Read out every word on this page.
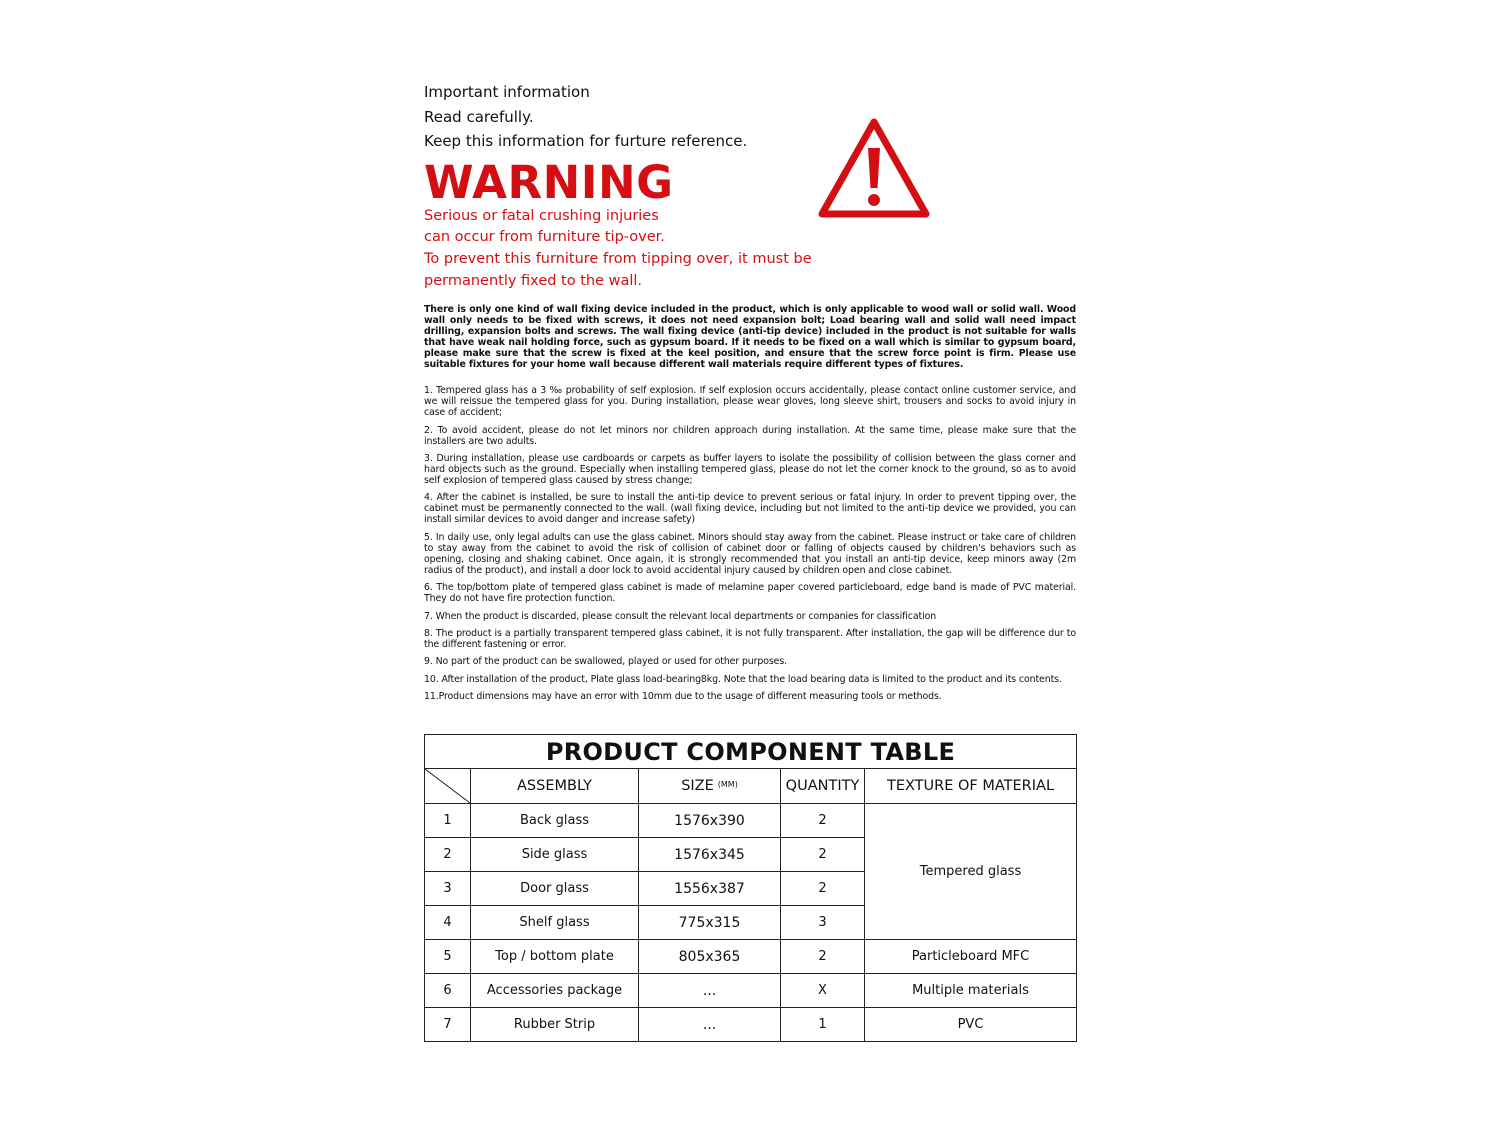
Important information
Read carefully.
Keep this information for furture reference.
WARNING
Serious or fatal crushing injuries
can occur from furniture tip-over.
To prevent this furniture from tipping over, it must be
permanently fixed to the wall.
There is only one kind of wall fixing device included in the product, which is only applicable to wood wall or solid wall. Wood wall only needs to be fixed with screws, it does not need expansion bolt; Load bearing wall and solid wall need impact drilling, expansion bolts and screws. The wall fixing device (anti-tip device) included in the product is not suitable for walls that have weak nail holding force, such as gypsum board. If it needs to be fixed on a wall which is similar to gypsum board, please make sure that the screw is fixed at the keel position, and ensure that the screw force point is firm. Please use suitable fixtures for your home wall because different wall materials require different types of fixtures.
1. Tempered glass has a 3 ‰ probability of self explosion. If self explosion occurs accidentally, please contact online customer service, and we will reissue the tempered glass for you. During installation, please wear gloves, long sleeve shirt, trousers and socks to avoid injury in case of accident;
2. To avoid accident, please do not let minors nor children approach during installation. At the same time, please make sure that the installers are two adults.
3. During installation, please use cardboards or carpets as buffer layers to isolate the possibility of collision between the glass corner and hard objects such as the ground. Especially when installing tempered glass, please do not let the corner knock to the ground, so as to avoid self explosion of tempered glass caused by stress change;
4. After the cabinet is installed, be sure to install the anti-tip device to prevent serious or fatal injury. In order to prevent tipping over, the cabinet must be permanently connected to the wall. (wall fixing device, including but not limited to the anti-tip device we provided, you can install similar devices to avoid danger and increase safety)
5. In daily use, only legal adults can use the glass cabinet. Minors should stay away from the cabinet. Please instruct or take care of children to stay away from the cabinet to avoid the risk of collision of cabinet door or falling of objects caused by children's behaviors such as opening, closing and shaking cabinet. Once again, it is strongly recommended that you install an anti-tip device, keep minors away (2m radius of the product), and install a door lock to avoid accidental injury caused by children open and close cabinet.
6. The top/bottom plate of tempered glass cabinet is made of melamine paper covered particleboard, edge band is made of PVC material. They do not have fire protection function.
7. When the product is discarded, please consult the relevant local departments or companies for classification
8. The product is a partially transparent tempered glass cabinet, it is not fully transparent. After installation, the gap will be difference dur to the different fastening or error.
9. No part of the product can be swallowed, played or used for other purposes.
10. After installation of the product, Plate glass load-bearing8kg. Note that the load bearing data is limited to the product and its contents.
11.Product dimensions may have an error with 10mm due to the usage of different measuring tools or methods.
PRODUCT COMPONENT TABLE				

	ASSEMBLY	SIZE $^{(MM)}$	QUANTITY	TEXTURE OF MATERIAL
1	Back glass	1576x390	2	Tempered glass
2	Side glass	1576x345	2	
3	Door glass	1556x387	2	
4	Shelf glass	775x315	3	
5	Top / bottom plate	805x365	2	Particleboard MFC
6	Accessories package	...	X	Multiple materials
7	Rubber Strip	...	1	PVC
